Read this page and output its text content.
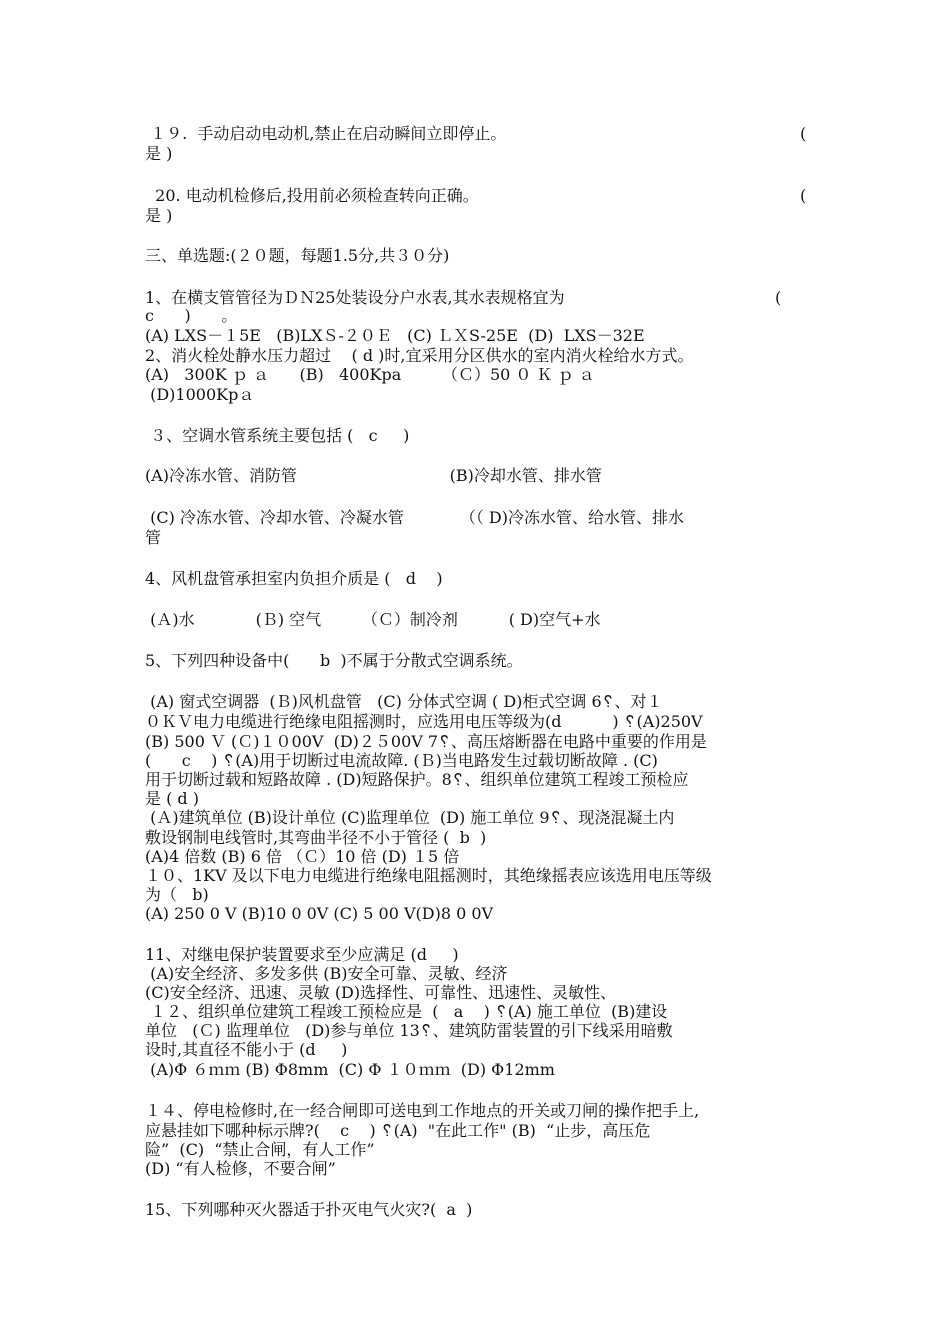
１９.  手动启动电动机,禁止在启动瞬间立即停止。	(
是 )
20. 电动机检修后,投用前必须检查转向正确。	(
是 )
三、单选题:(２０题，每题1.5分,共３０分)
1、在横支管管径为ＤＮ25处装设分户水表,其水表规格宜为	(
c      )      。
(A) LXS－１5E   (B)LXＳ-２０Ｅ   (C) ＬＸS-25E  (D)  LXS－32E
2、消火栓处静水压力超过    ( d )时,宜采用分区供水的室内消火栓给水方式。
(A)   300K ｐ ａ      (B)   400Kpa        （Ｃ）50 ０ Ｋ ｐ ａ
(D)1000Kpａ
３、空调水管系统主要包括 (   c     )
(A)冷冻水管、消防管                              (B)冷却水管、排水管
(C) 冷冻水管、冷却水管、冷凝水管           （（ D)冷冻水管、给水管、排水
管
4、风机盘管承担室内负担介质是 (   d    )
(Ａ)水            (Ｂ) 空气        （Ｃ）制冷剂          ( D)空气+水
5、下列四种设备中(      b  )不属于分散式空调系统。
(A) 窗式空调器  (Ｂ)风机盘管   (C) 分体式空调 ( D)柜式空调 6␦、对１
０ＫＶ电力电缆进行绝缘电阻摇测时，应选用电压等级为(d          ) ␦(A)250V
(B) 500 Ｖ (Ｃ)１０00V  (D)２５00V 7␦、高压熔断器在电路中重要的作用是
(      c    ) ␦(A)用于切断过电流故障. (Ｂ)当电路发生过载切断故障 . (C)
用于切断过载和短路故障 . (D)短路保护。8␦、组织单位建筑工程竣工预检应
是 ( d )
(Ａ)建筑单位 (B)设计单位 (C)监理单位  (D) 施工单位 9␦、现浇混凝土内
敷设钢制电线管时,其弯曲半径不小于管径 (  b  )
(A)4 倍数 (B) 6 倍 （Ｃ）10 倍 (D) １5 倍
１０、1KV 及以下电力电缆进行绝缘电阻摇测时，其绝缘摇表应该选用电压等级
为（   b)
(A) 250 0 V (B)10 0 0V (C) 5 00 V(D)8 0 0V
11、对继电保护装置要求至少应满足 (d     )
(A)安全经济、多发多供 (B)安全可靠、灵敏、经济
(C)安全经济、迅速、灵敏 (D)选择性、可靠性、迅速性、灵敏性、
１２、组织单位建筑工程竣工预检应是  (   a    ) ␦(A) 施工单位  (B)建设
单位   (Ｃ) 监理单位   (D)参与单位 13␦、建筑防雷装置的引下线采用暗敷
设时,其直径不能小于 (d     )
(A)Φ ６ｍｍ (B) Φ8mm  (C) Φ １０ｍｍ  (D) Φ12mm
１４、停电检修时,在一经合闸即可送电到工作地点的开关或刀闸的操作把手上,
应悬挂如下哪种标示牌?(    c    ) ␦(A)  "在此工作" (B)  “止步，高压危
险”  (C)  “禁止合闸，有人工作”
(D) “有人检修，不要合闸”
15、下列哪种灭火器适于扑灭电气火灾?(  a  )
